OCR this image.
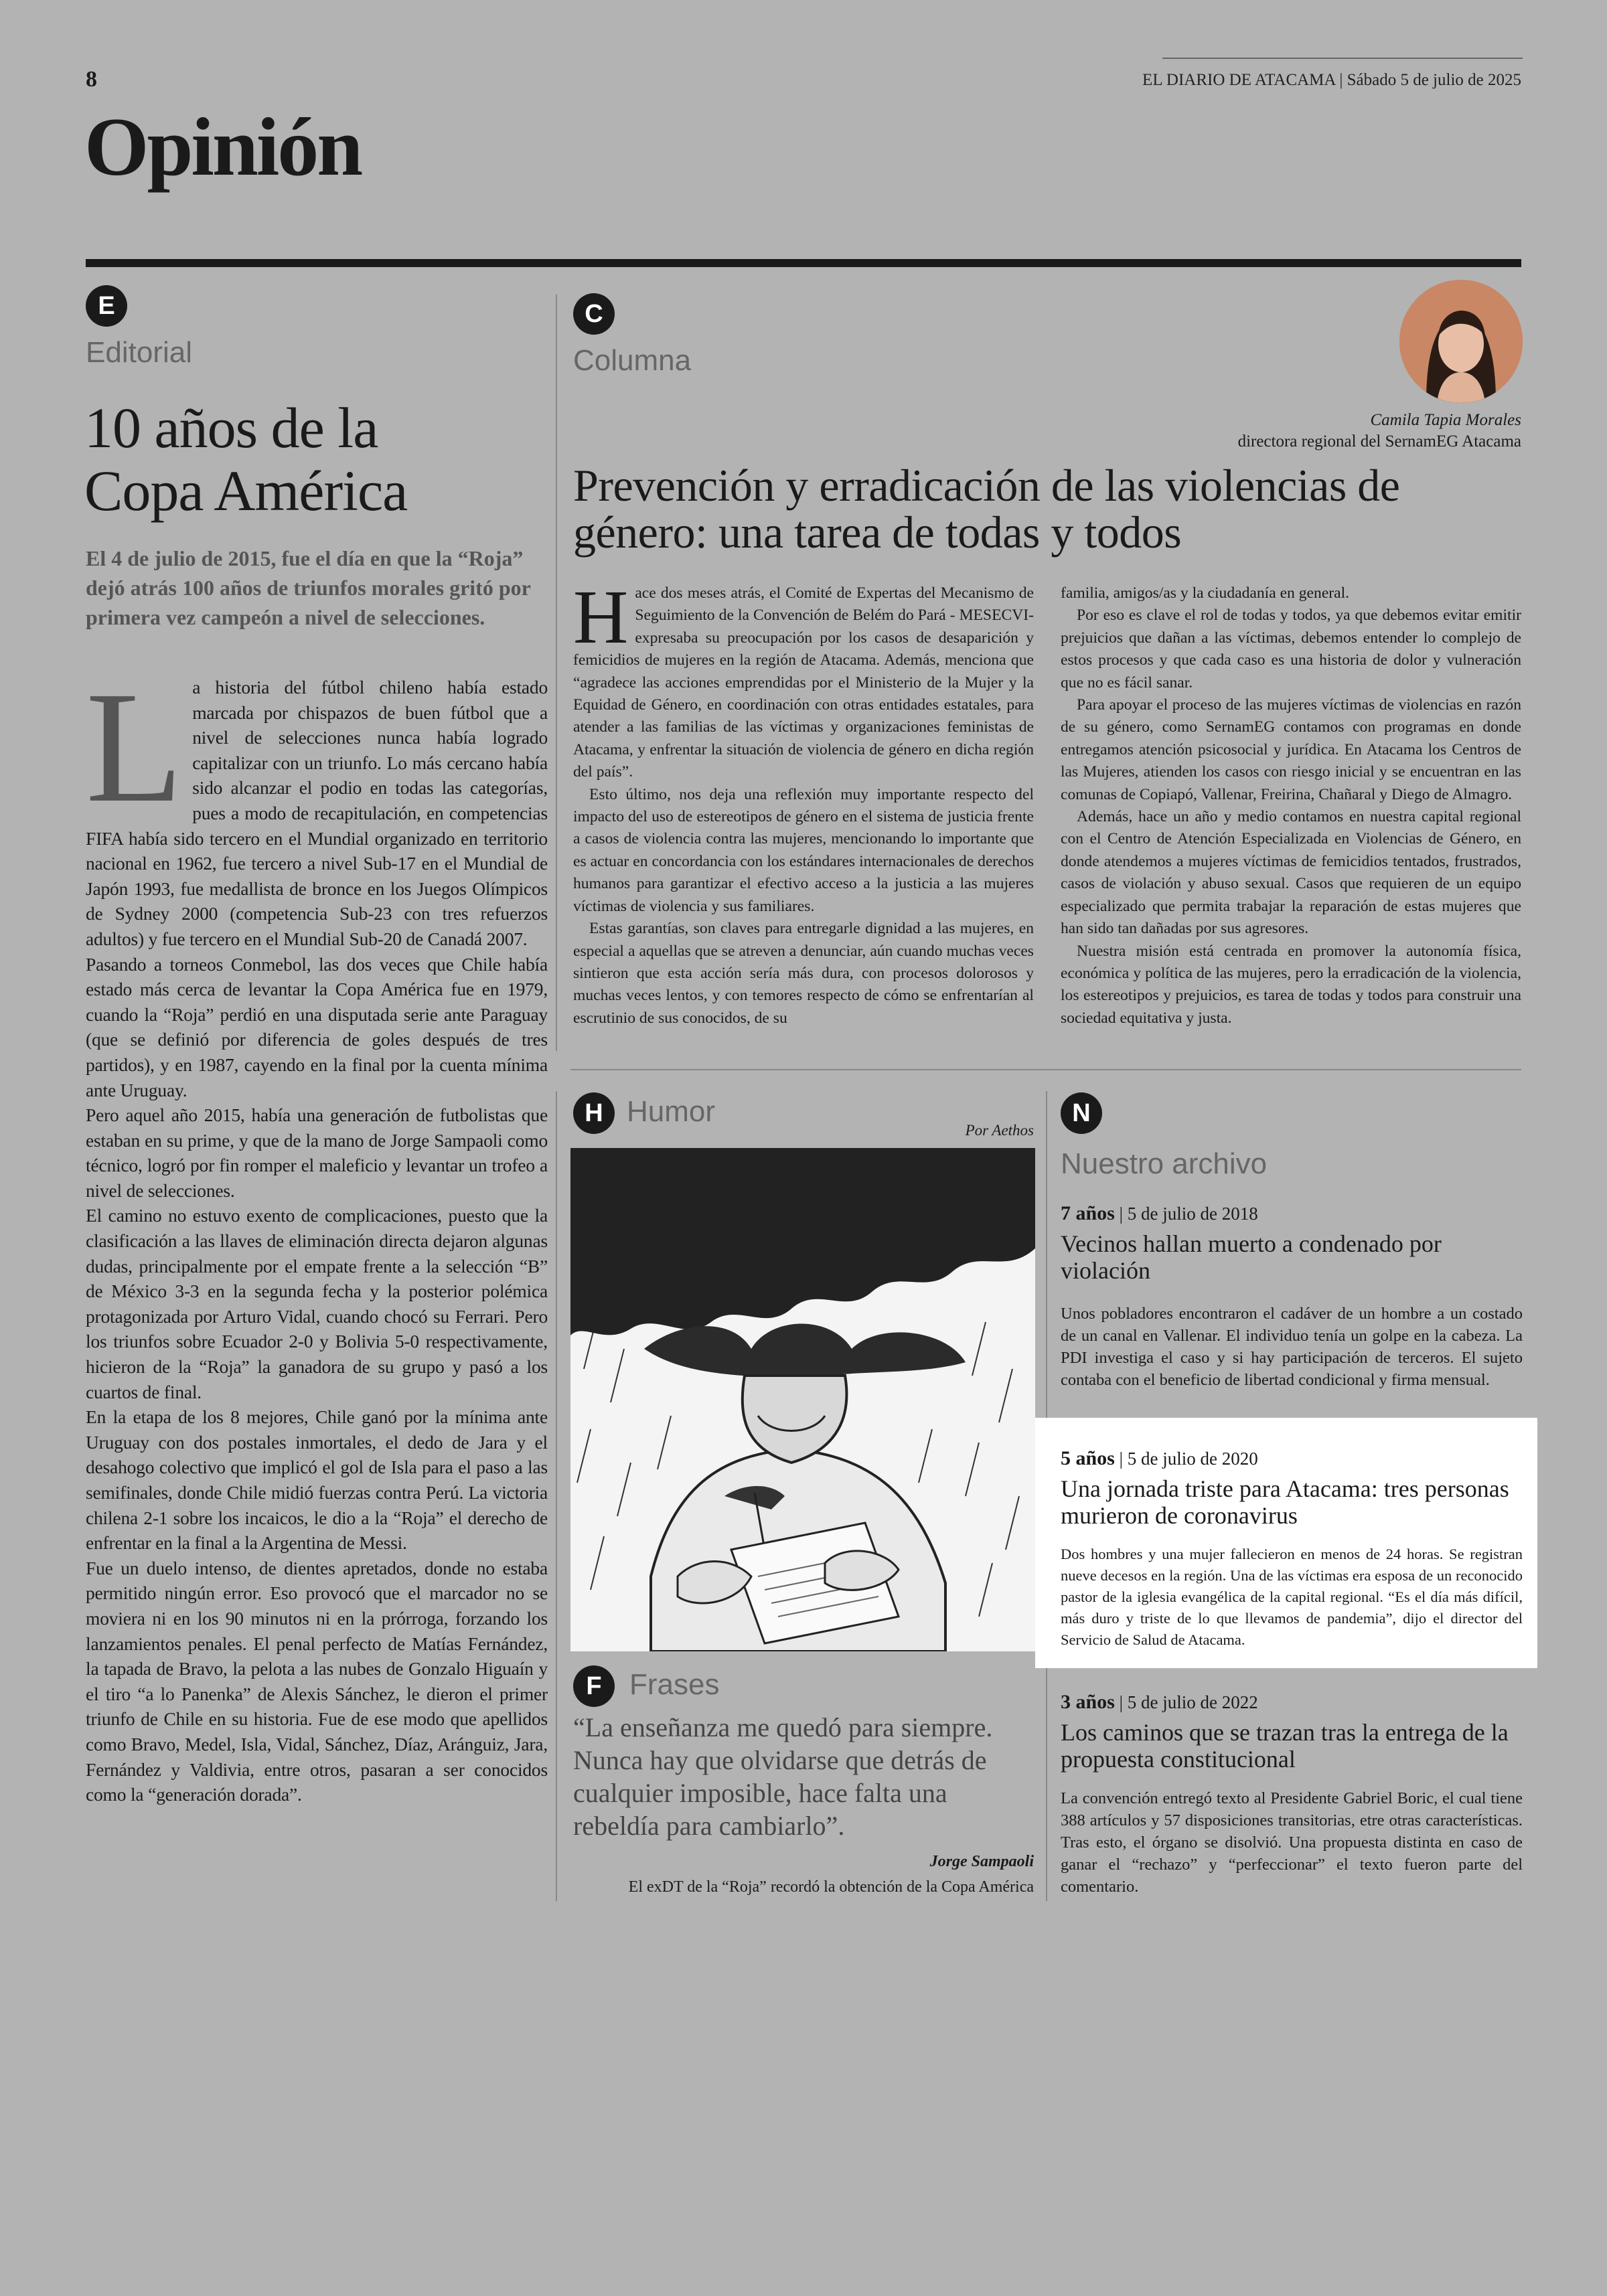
8	EL DIARIO DE ATACAMA | Sábado 5 de julio de 2025
Opinión
E
Editorial
10 años de la
Copa América
El 4 de julio de 2015, fue el día en que la “Roja” dejó atrás 100 años de triunfos morales gritó por primera vez campeón a nivel de selecciones.
L a historia del fútbol chileno había estado marcada por chispazos de buen fútbol que a nivel de selecciones nunca había logrado capitalizar con un triunfo. Lo más cercano había sido alcanzar el podio en todas las categorías, pues a modo de recapitulación, en competencias FIFA había sido tercero en el Mundial organizado en territorio nacional en 1962, fue tercero a nivel Sub-17 en el Mundial de Japón 1993, fue medallista de bronce en los Juegos Olímpicos de Sydney 2000 (competencia Sub-23 con tres refuerzos adultos) y fue tercero en el Mundial Sub-20 de Canadá 2007.

Pasando a torneos Conmebol, las dos veces que Chile había estado más cerca de levantar la Copa América fue en 1979, cuando la “Roja” perdió en una disputada serie ante Paraguay (que se definió por diferencia de goles después de tres partidos), y en 1987, cayendo en la final por la cuenta mínima ante Uruguay.

Pero aquel año 2015, había una generación de futbolistas que estaban en su prime, y que de la mano de Jorge Sampaoli como técnico, logró por fin romper el maleficio y levantar un trofeo a nivel de selecciones.

El camino no estuvo exento de complicaciones, puesto que la clasificación a las llaves de eliminación directa dejaron algunas dudas, principalmente por el empate frente a la selección “B” de México 3-3 en la segunda fecha y la posterior polémica protagonizada por Arturo Vidal, cuando chocó su Ferrari. Pero los triunfos sobre Ecuador 2-0 y Bolivia 5-0 respectivamente, hicieron de la “Roja” la ganadora de su grupo y pasó a los cuartos de final.

En la etapa de los 8 mejores, Chile ganó por la mínima ante Uruguay con dos postales inmortales, el dedo de Jara y el desahogo colectivo que implicó el gol de Isla para el paso a las semifinales, donde Chile midió fuerzas contra Perú. La victoria chilena 2-1 sobre los incaicos, le dio a la “Roja” el derecho de enfrentar en la final a la Argentina de Messi.

Fue un duelo intenso, de dientes apretados, donde no estaba permitido ningún error. Eso provocó que el marcador no se moviera ni en los 90 minutos ni en la prórroga, forzando los lanzamientos penales. El penal perfecto de Matías Fernández, la tapada de Bravo, la pelota a las nubes de Gonzalo Higuaín y el tiro “a lo Panenka” de Alexis Sánchez, le dieron el primer triunfo de Chile en su historia. Fue de ese modo que apellidos como Bravo, Medel, Isla, Vidal, Sánchez, Díaz, Aránguiz, Jara, Fernández y Valdivia, entre otros, pasaran a ser conocidos como la “generación dorada”.

C
Columna
Camila Tapia Morales
directora regional del SernamEG Atacama
Prevención y erradicación de las violencias de
género: una tarea de todas y todos
H ace dos meses atrás, el Comité de Expertas del Mecanismo de Seguimiento de la Convención de Belém do Pará - MESECVI- expresaba su preocupación por los casos de desaparición y femicidios de mujeres en la región de Atacama. Además, menciona que “agradece las acciones emprendidas por el Ministerio de la Mujer y la Equidad de Género, en coordinación con otras entidades estatales, para atender a las familias de las víctimas y organizaciones feministas de Atacama, y enfrentar la situación de violencia de género en dicha región del país”.

Esto último, nos deja una reflexión muy importante respecto del impacto del uso de estereotipos de género en el sistema de justicia frente a casos de violencia contra las mujeres, mencionando lo importante que es actuar en concordancia con los estándares internacionales de derechos humanos para garantizar el efectivo acceso a la justicia a las mujeres víctimas de violencia y sus familiares.

Estas garantías, son claves para entregarle dignidad a las mujeres, en especial a aquellas que se atreven a denunciar, aún cuando muchas veces sintieron que esta acción sería más dura, con procesos dolorosos y muchas veces lentos, y con temores respecto de cómo se enfrentarían al escrutinio de sus conocidos, de su

familia, amigos/as y la ciudadanía en general.

Por eso es clave el rol de todas y todos, ya que debemos evitar emitir prejuicios que dañan a las víctimas, debemos entender lo complejo de estos procesos y que cada caso es una historia de dolor y vulneración que no es fácil sanar.

Para apoyar el proceso de las mujeres víctimas de violencias en razón de su género, como SernamEG contamos con programas en donde entregamos atención psicosocial y jurídica. En Atacama los Centros de las Mujeres, atienden los casos con riesgo inicial y se encuentran en las comunas de Copiapó, Vallenar, Freirina, Chañaral y Diego de Almagro.

Además, hace un año y medio contamos en nuestra capital regional con el Centro de Atención Especializada en Violencias de Género, en donde atendemos a mujeres víctimas de femicidios tentados, frustrados, casos de violación y abuso sexual. Casos que requieren de un equipo especializado que permita trabajar la reparación de estas mujeres que han sido tan dañadas por sus agresores.

Nuestra misión está centrada en promover la autonomía física, económica y política de las mujeres, pero la erradicación de la violencia, los estereotipos y prejuicios, es tarea de todas y todos para construir una sociedad equitativa y justa.

H Humor
Por Aethos
F Frases
“La enseñanza me quedó para siempre. Nunca hay que olvidarse que detrás de cualquier imposible, hace falta una rebeldía para cambiarlo”.
Jorge Sampaoli
El exDT de la “Roja” recordó la obtención de la Copa América
N
Nuestro archivo
7 años | 5 de julio de 2018
Vecinos hallan muerto a condenado por violación
Unos pobladores encontraron el cadáver de un hombre a un costado de un canal en Vallenar. El individuo tenía un golpe en la cabeza. La PDI investiga el caso y si hay participación de terceros. El sujeto contaba con el beneficio de libertad condicional y firma mensual.
5 años | 5 de julio de 2020
Una jornada triste para Atacama: tres personas murieron de coronavirus
Dos hombres y una mujer fallecieron en menos de 24 horas. Se registran nueve decesos en la región. Una de las víctimas era esposa de un reconocido pastor de la iglesia evangélica de la capital regional. “Es el día más difícil, más duro y triste de lo que llevamos de pandemia”, dijo el director del Servicio de Salud de Atacama.
3 años | 5 de julio de 2022
Los caminos que se trazan tras la entrega de la propuesta constitucional
La convención entregó texto al Presidente Gabriel Boric, el cual tiene 388 artículos y 57 disposiciones transitorias, etre otras características. Tras esto, el órgano se disolvió. Una propuesta distinta en caso de ganar el “rechazo” y “perfeccionar” el texto fueron parte del comentario.
